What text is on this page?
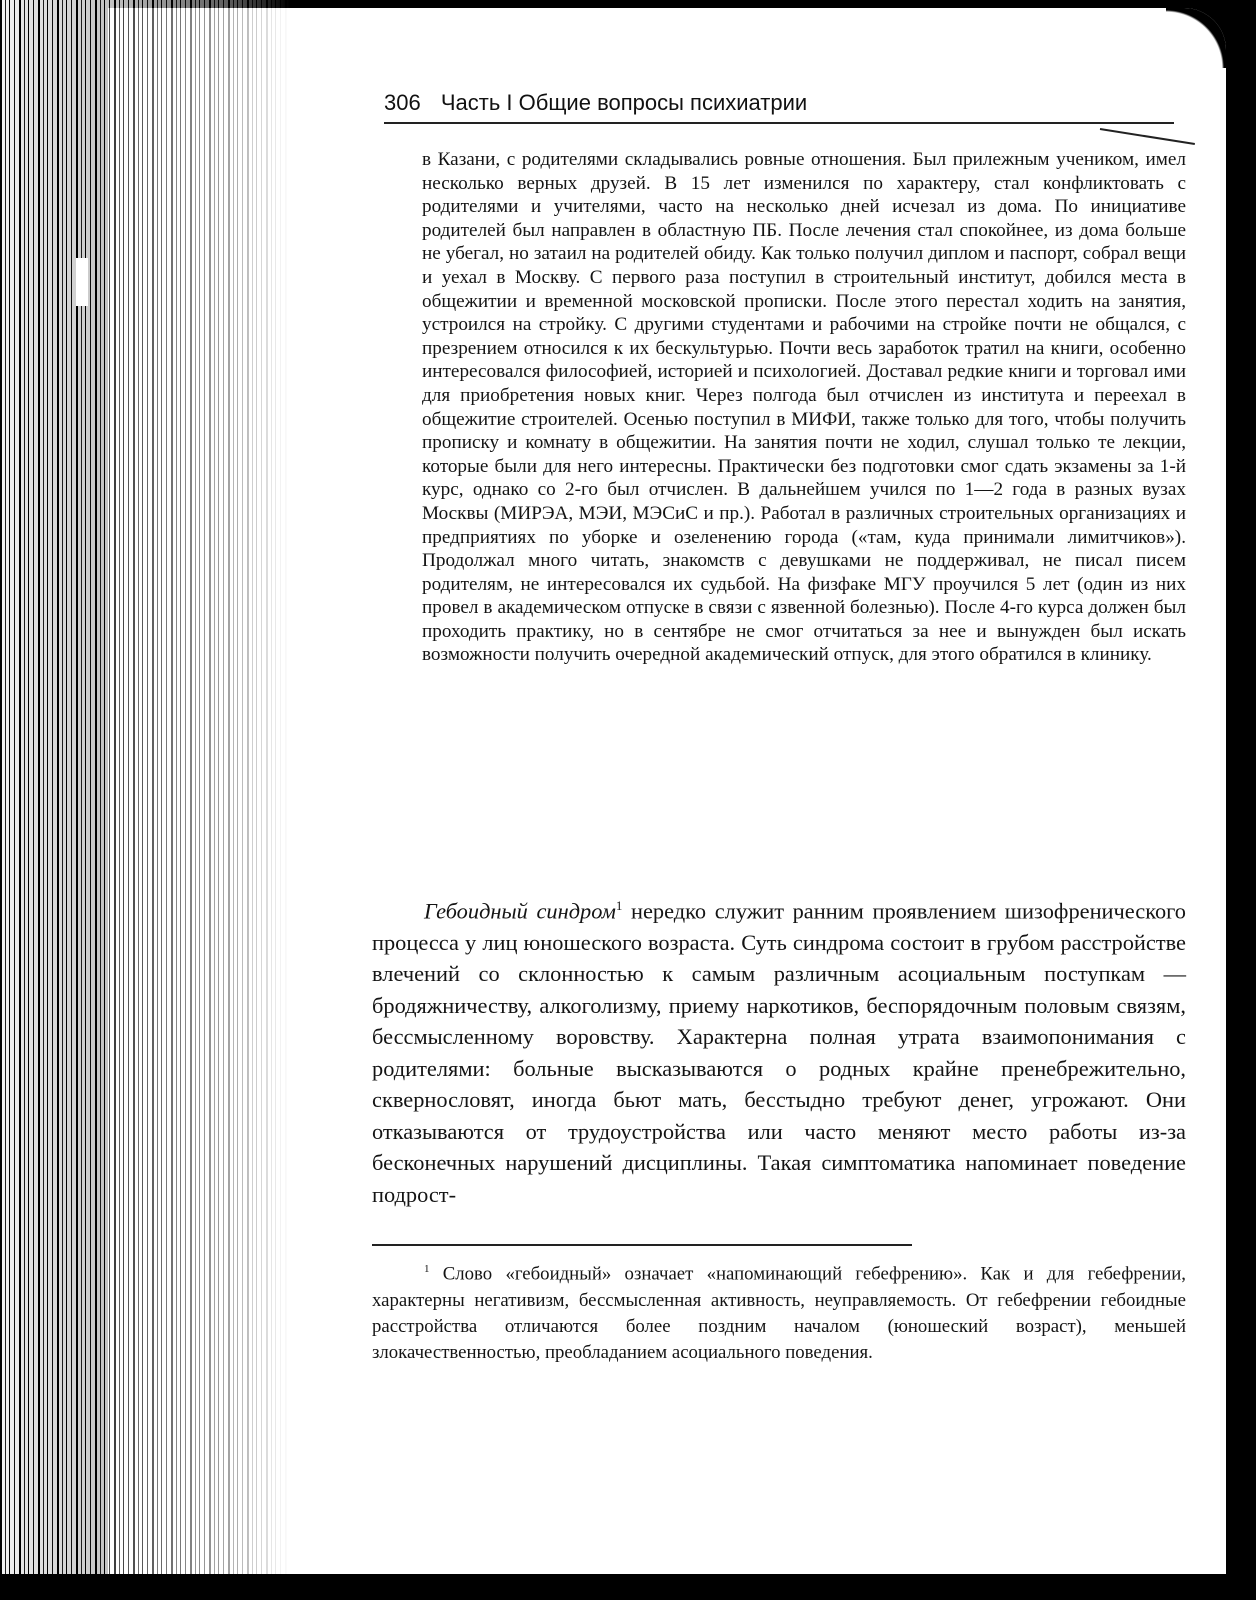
306 Часть I Общие вопросы психиатрии
в Казани, с родителями складывались ровные отношения. Был прилежным учеником, имел несколько верных друзей. В 15 лет изменился по характеру, стал конфликтовать с родителями и учителями, часто на несколько дней исчезал из дома. По инициативе родителей был направлен в областную ПБ. После лечения стал спокойнее, из дома больше не убегал, но затаил на родителей обиду. Как только получил диплом и паспорт, собрал вещи и уехал в Москву. С первого раза поступил в строительный институт, добился места в общежитии и временной московской прописки. После этого перестал ходить на занятия, устроился на стройку. С другими студентами и рабочими на стройке почти не общался, с презрением относился к их бескультурью. Почти весь заработок тратил на книги, особенно интересовался философией, историей и психологией. Доставал редкие книги и торговал ими для приобретения новых книг. Через полгода был отчислен из института и переехал в общежитие строителей. Осенью поступил в МИФИ, также только для того, чтобы получить прописку и комнату в общежитии. На занятия почти не ходил, слушал только те лекции, которые были для него интересны. Практически без подготовки смог сдать экзамены за 1-й курс, однако со 2-го был отчислен. В дальнейшем учился по 1—2 года в разных вузах Москвы (МИРЭА, МЭИ, МЭСиС и пр.). Работал в различных строительных организациях и предприятиях по уборке и озеленению города («там, куда принимали лимитчиков»). Продолжал много читать, знакомств с девушками не поддерживал, не писал писем родителям, не интересовался их судьбой. На физфаке МГУ проучился 5 лет (один из них провел в академическом отпуске в связи с язвенной болезнью). После 4-го курса должен был проходить практику, но в сентябре не смог отчитаться за нее и вынужден был искать возможности получить очередной академический отпуск, для этого обратился в клинику.
Гебоидный синдром$^1$ нередко служит ранним проявлением шизофренического процесса у лиц юношеского возраста. Суть синдрома состоит в грубом расстройстве влечений со склонностью к самым различным асоциальным поступкам — бродяжничеству, алкоголизму, приему наркотиков, беспорядочным половым связям, бессмысленному воровству. Характерна полная утрата взаимопонимания с родителями: больные высказываются о родных крайне пренебрежительно, сквернословят, иногда бьют мать, бесстыдно требуют денег, угрожают. Они отказываются от трудоустройства или часто меняют место работы из-за бесконечных нарушений дисциплины. Такая симптоматика напоминает поведение подрост-
$^1$ Слово «гебоидный» означает «напоминающий гебефрению». Как и для гебефрении, характерны негативизм, бессмысленная активность, неуправляемость. От гебефрении гебоидные расстройства отличаются более поздним началом (юношеский возраст), меньшей злокачественностью, преобладанием асоциального поведения.
